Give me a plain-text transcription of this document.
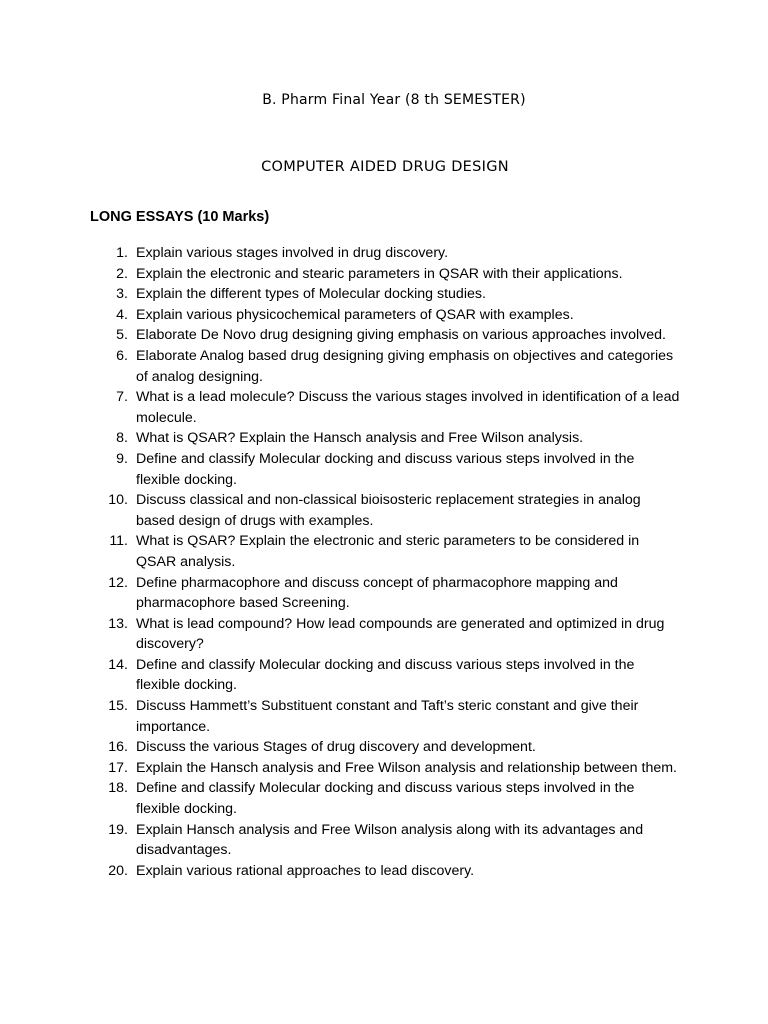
B. Pharm Final Year (8 th SEMESTER)
COMPUTER AIDED DRUG DESIGN
LONG ESSAYS (10 Marks)
1. Explain various stages involved in drug discovery.
2. Explain the electronic and stearic parameters in QSAR with their applications.
3. Explain the different types of Molecular docking studies.
4. Explain various physicochemical parameters of QSAR with examples.
5. Elaborate De Novo drug designing giving emphasis on various approaches involved.
6. Elaborate Analog based drug designing giving emphasis on objectives and categories of analog designing.
7. What is a lead molecule? Discuss the various stages involved in identification of a lead molecule.
8. What is QSAR? Explain the Hansch analysis and Free Wilson analysis.
9. Define and classify Molecular docking and discuss various steps involved in the flexible docking.
10. Discuss classical and non-classical bioisosteric replacement strategies in analog based design of drugs with examples.
11. What is QSAR? Explain the electronic and steric parameters to be considered in QSAR analysis.
12. Define pharmacophore and discuss concept of pharmacophore mapping and pharmacophore based Screening.
13. What is lead compound? How lead compounds are generated and optimized in drug discovery?
14. Define and classify Molecular docking and discuss various steps involved in the flexible docking.
15. Discuss Hammett’s Substituent constant and Taft’s steric constant and give their importance.
16. Discuss the various Stages of drug discovery and development.
17. Explain the Hansch analysis and Free Wilson analysis and relationship between them.
18. Define and classify Molecular docking and discuss various steps involved in the flexible docking.
19. Explain Hansch analysis and Free Wilson analysis along with its advantages and disadvantages.
20. Explain various rational approaches to lead discovery.
